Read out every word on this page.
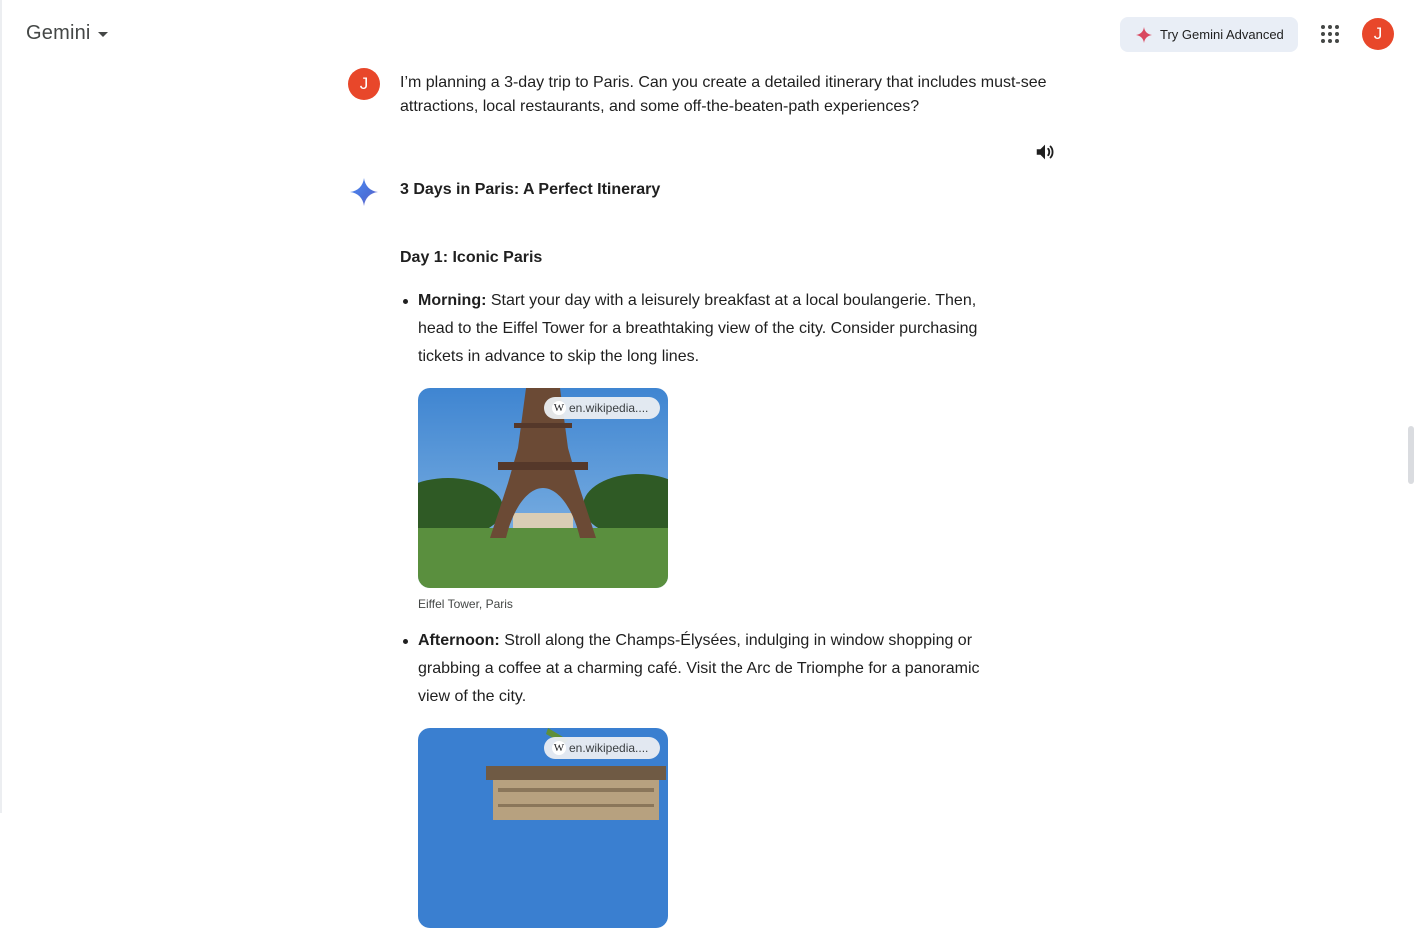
Gemini	Try Gemini Advanced	J
J I’m planning a 3-day trip to Paris. Can you create a detailed itinerary that includes must-see attractions, local restaurants, and some off-the-beaten-path experiences?
3 Days in Paris: A Perfect Itinerary
Day 1: Iconic Paris
Morning: Start your day with a leisurely breakfast at a local boulangerie. Then, head to the Eiffel Tower for a breathtaking view of the city. Consider purchasing tickets in advance to skip the long lines.
W en.wikipedia....
Eiffel Tower, Paris
Afternoon: Stroll along the Champs-Élysées, indulging in window shopping or grabbing a coffee at a charming café. Visit the Arc de Triomphe for a panoramic view of the city.
W en.wikipedia....
